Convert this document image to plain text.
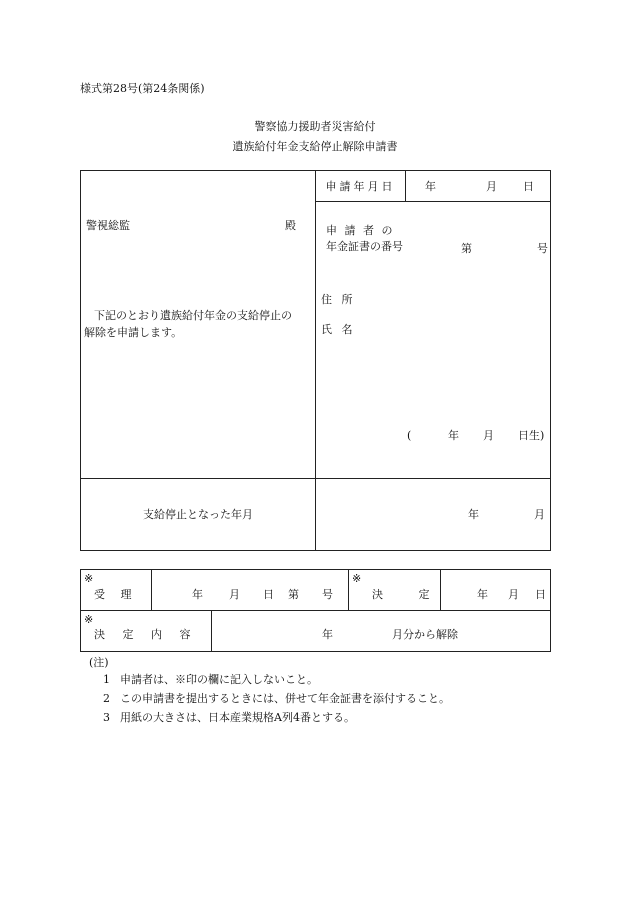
様式第28号(第24条関係)
警察協力援助者災害給付
遺族給付年金支給停止解除申請書
警視総監	殿
下記のとおり遺族給付年金の支給停止の
解除を申請します。
申請年月日	年	月 日
申 請 者 の
年金証書の番号	第	号
住 所
氏 名
(	年 月 日生)
支給停止となった年月	年	月
※
受 理	年 月 日 第 号
※
決 定	年 月 日
※
決 定 内 容	年	月分から解除
(注)
1 申請者は、※印の欄に記入しないこと。
2 この申請書を提出するときには、併せて年金証書を添付すること。
3 用紙の大きさは、日本産業規格A列4番とする。
